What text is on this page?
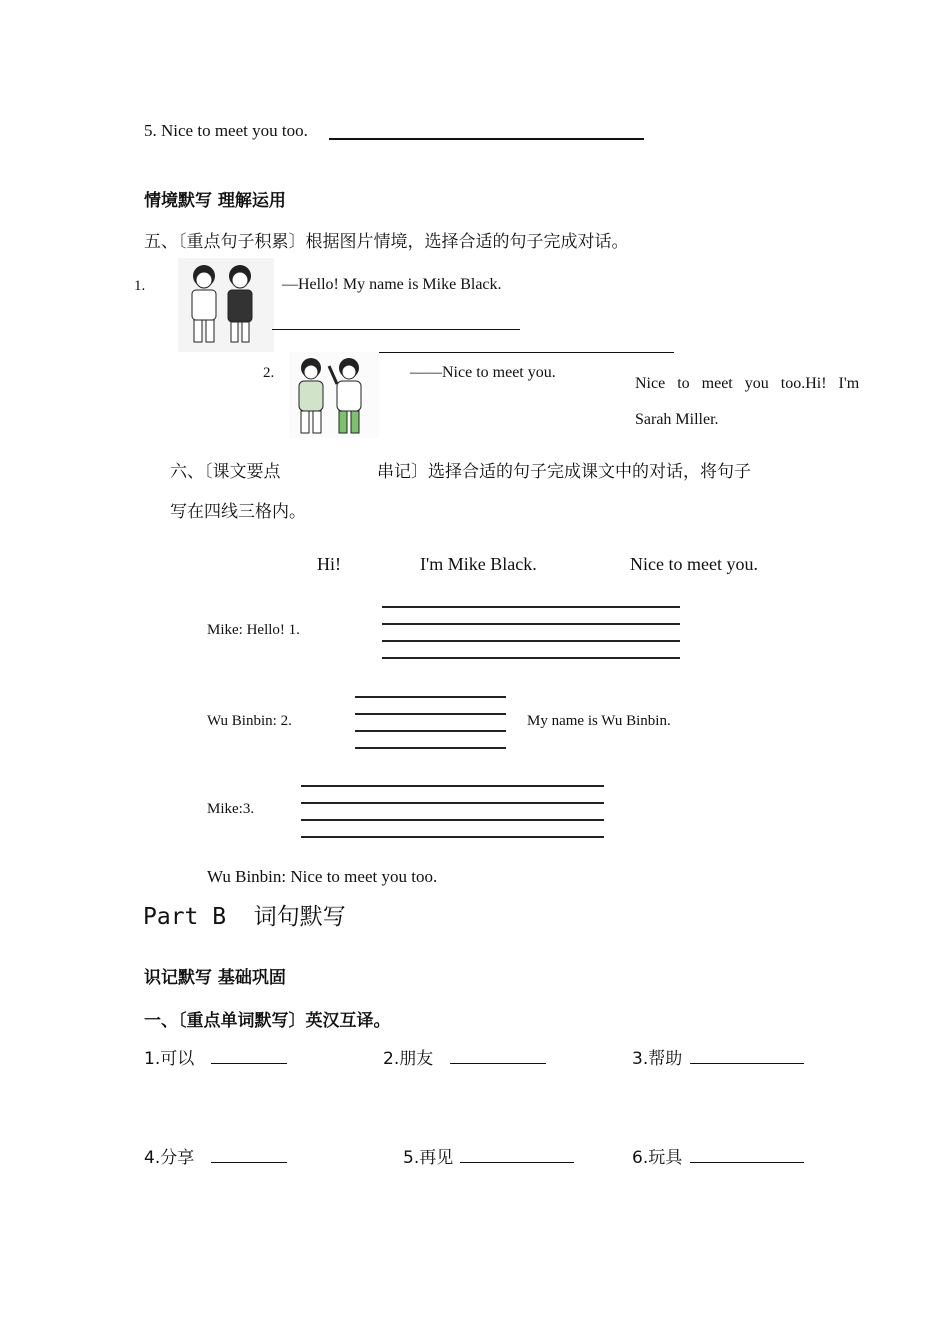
5. Nice to meet you too.
情境默写 理解运用
五、〔重点句子积累〕根据图片情境，选择合适的句子完成对话。
1.	—Hello! My name is Mike Black.
2.	——Nice to meet you.
Nice   to   meet   you   too.Hi!   I'm
Sarah Miller.
六、〔课文要点	串记〕选择合适的句子完成课文中的对话，将句子
写在四线三格内。
Hi!	I'm Mike Black.	Nice to meet you.
Mike: Hello! 1.
Wu Binbin: 2.	My name is Wu Binbin.
Mike:3.
Wu Binbin: Nice to meet you too.
Part B  词句默写
识记默写 基础巩固
一、〔重点单词默写〕英汉互译。
1.可以	2.朋友	3.帮助
4.分享	5.再见	6.玩具
